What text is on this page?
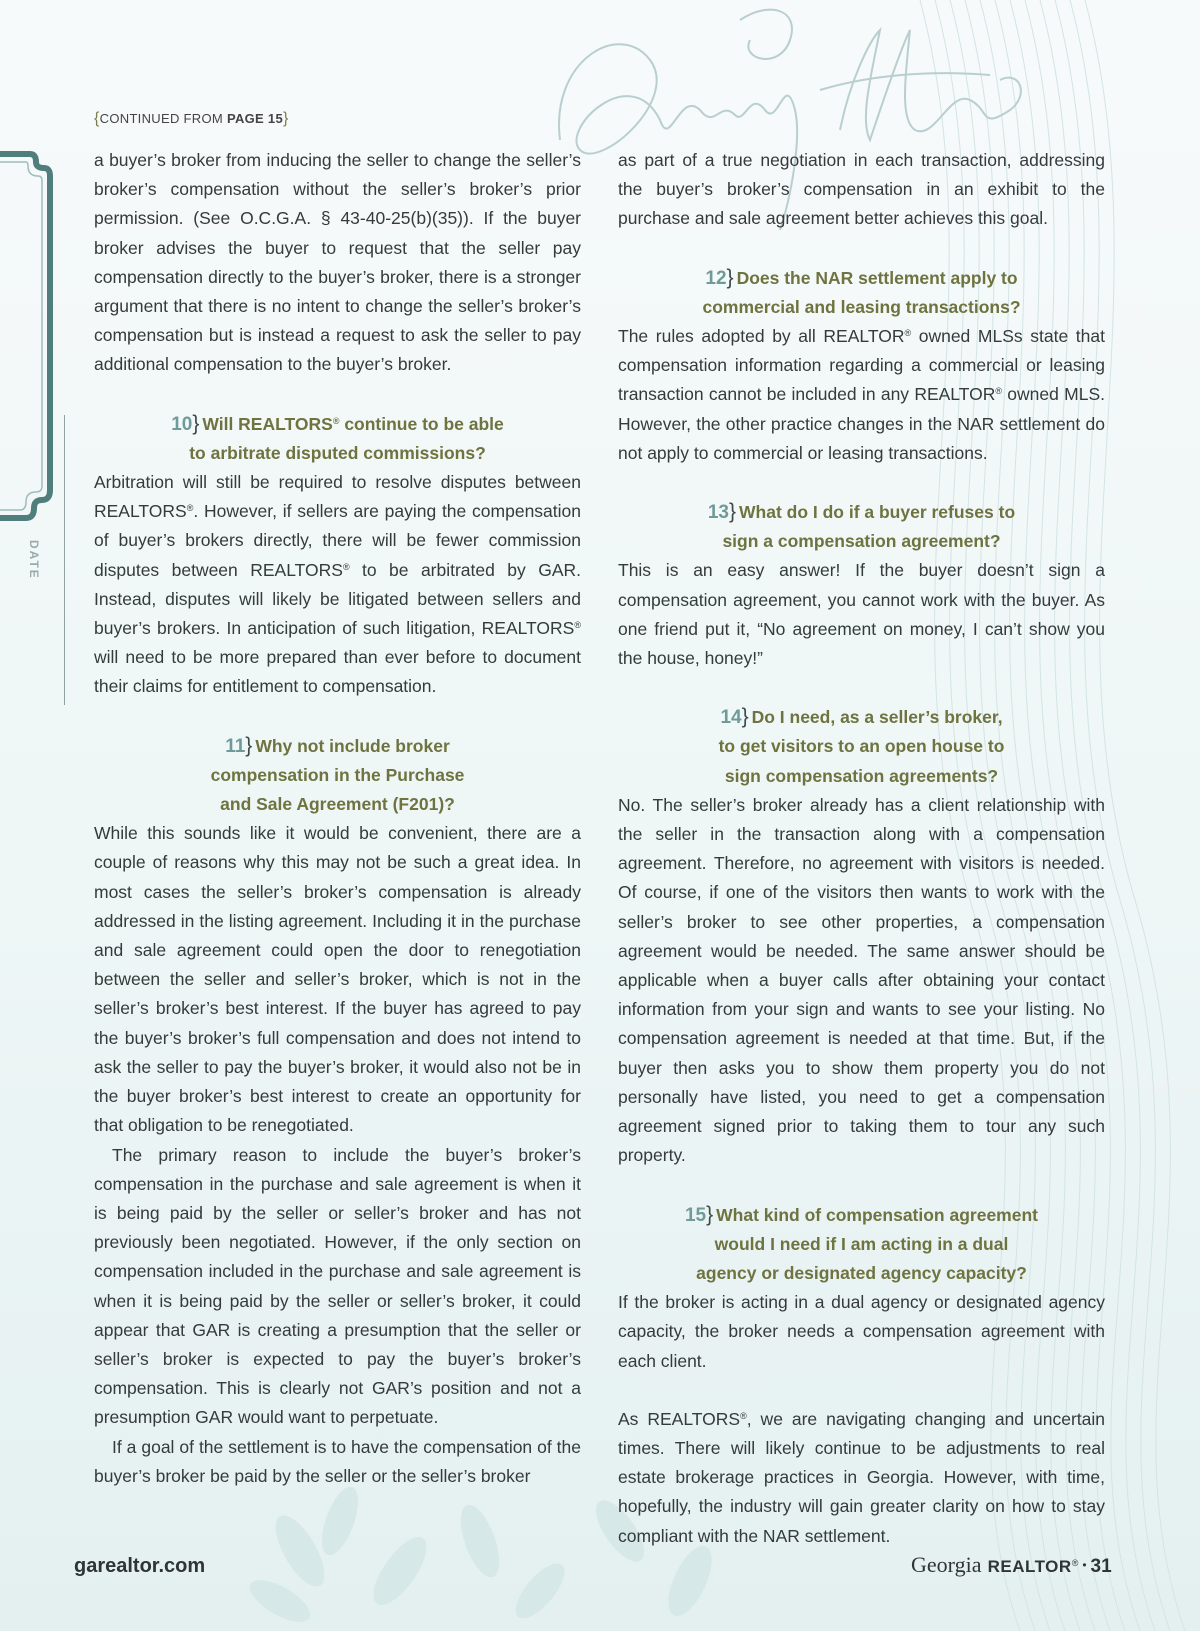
DATE
{CONTINUED FROM PAGE 15}

a buyer’s broker from inducing the seller to change the seller’s broker’s compensation without the seller’s broker’s prior permission. (See O.C.G.A. § 43-40-25(b)(35)). If the buyer broker advises the buyer to request that the seller pay compensation directly to the buyer’s broker, there is a stronger argument that there is no intent to change the seller’s broker’s compensation but is instead a request to ask the seller to pay additional compensation to the buyer’s broker.

10} Will REALTORS® continue to be able
to arbitrate disputed commissions?

Arbitration will still be required to resolve disputes between REALTORS®. However, if sellers are paying the compensation of buyer’s brokers directly, there will be fewer commission disputes between REALTORS® to be arbitrated by GAR. Instead, disputes will likely be litigated between sellers and buyer’s brokers. In anticipation of such litigation, REALTORS® will need to be more prepared than ever before to document their claims for entitlement to compensation.

11} Why not include broker
compensation in the Purchase
and Sale Agreement (F201)?

While this sounds like it would be convenient, there are a couple of reasons why this may not be such a great idea. In most cases the seller’s broker’s compensation is already addressed in the listing agreement. Including it in the purchase and sale agreement could open the door to renegotiation between the seller and seller’s broker, which is not in the seller’s broker’s best interest. If the buyer has agreed to pay the buyer’s broker’s full compensation and does not intend to ask the seller to pay the buyer’s broker, it would also not be in the buyer broker’s best interest to create an opportunity for that obligation to be renegotiated.

The primary reason to include the buyer’s broker’s compensation in the purchase and sale agreement is when it is being paid by the seller or seller’s broker and has not previously been negotiated. However, if the only section on compensation included in the purchase and sale agreement is when it is being paid by the seller or seller’s broker, it could appear that GAR is creating a presumption that the seller or seller’s broker is expected to pay the buyer’s broker’s compensation. This is clearly not GAR’s position and not a presumption GAR would want to perpetuate.

If a goal of the settlement is to have the compensation of the buyer’s broker be paid by the seller or the seller’s broker

as part of a true negotiation in each transaction, addressing the buyer’s broker’s compensation in an exhibit to the purchase and sale agreement better achieves this goal.

12} Does the NAR settlement apply to
commercial and leasing transactions?

The rules adopted by all REALTOR® owned MLSs state that compensation information regarding a commercial or leasing transaction cannot be included in any REALTOR® owned MLS. However, the other practice changes in the NAR settlement do not apply to commercial or leasing transactions.

13} What do I do if a buyer refuses to
sign a compensation agreement?

This is an easy answer! If the buyer doesn’t sign a compensation agreement, you cannot work with the buyer. As one friend put it, “No agreement on money, I can’t show you the house, honey!”

14} Do I need, as a seller’s broker,
to get visitors to an open house to
sign compensation agreements?

No. The seller’s broker already has a client relationship with the seller in the transaction along with a compensation agreement. Therefore, no agreement with visitors is needed. Of course, if one of the visitors then wants to work with the seller’s broker to see other properties, a compensation agreement would be needed. The same answer should be applicable when a buyer calls after obtaining your contact information from your sign and wants to see your listing. No compensation agreement is needed at that time. But, if the buyer then asks you to show them property you do not personally have listed, you need to get a compensation agreement signed prior to taking them to tour any such property.

15} What kind of compensation agreement
would I need if I am acting in a dual
agency or designated agency capacity?

If the broker is acting in a dual agency or designated agency capacity, the broker needs a compensation agreement with each client.

As REALTORS®, we are navigating changing and uncertain times. There will likely continue to be adjustments to real estate brokerage practices in Georgia. However, with time, hopefully, the industry will gain greater clarity on how to stay compliant with the NAR settlement.

garealtor.com	Georgia REALTOR® • 31
